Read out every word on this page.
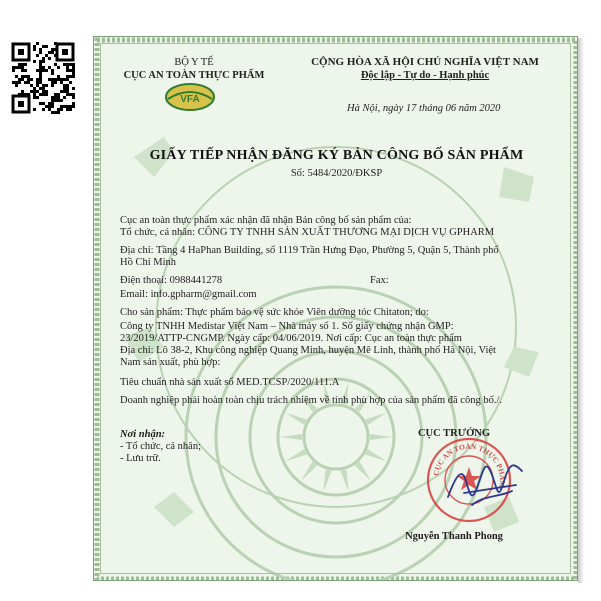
BỘ Y TẾ
CỤC AN TOÀN THỰC PHẨM
VFA
CỘNG HÒA XÃ HỘI CHỦ NGHĨA VIỆT NAM
Độc lập - Tự do - Hạnh phúc
Hà Nội, ngày 17 tháng 06 năm 2020
GIẤY TIẾP NHẬN ĐĂNG KÝ BẢN CÔNG BỐ SẢN PHẨM
Số: 5484/2020/ĐKSP
Cục an toàn thực phẩm xác nhận đã nhận Bản công bố sản phẩm của:
Tổ chức, cá nhân: CÔNG TY TNHH SẢN XUẤT THƯƠNG MẠI DỊCH VỤ GPHARM
Địa chỉ: Tầng 4 HaPhan Building, số 1119 Trần Hưng Đạo, Phường 5, Quận 5, Thành phố
Hồ Chí Minh
Điện thoại: 0988441278	Fax:
Email: info.gpharm@gmail.com
Cho sản phẩm: Thực phẩm bảo vệ sức khỏe Viên dưỡng tóc Chitaton; do:
Công ty TNHH Medistar Việt Nam – Nhà máy số 1. Số giấy chứng nhận GMP:
23/2019/ATTP-CNGMP. Ngày cấp: 04/06/2019. Nơi cấp: Cục an toàn thực phẩm
Địa chỉ: Lô 38-2, Khu công nghiệp Quang Minh, huyện Mê Linh, thành phố Hà Nội, Việt
Nam sản xuất, phù hợp:
Tiêu chuẩn nhà sản xuất số MED.TCSP/2020/111.A
Doanh nghiệp phải hoàn toàn chịu trách nhiệm về tính phù hợp của sản phẩm đã công bố./.
Nơi nhận:
- Tổ chức, cá nhân;
- Lưu trữ.
CỤC TRƯỞNG
CỤC AN TOÀN THỰC PHẨM
Nguyễn Thanh Phong
